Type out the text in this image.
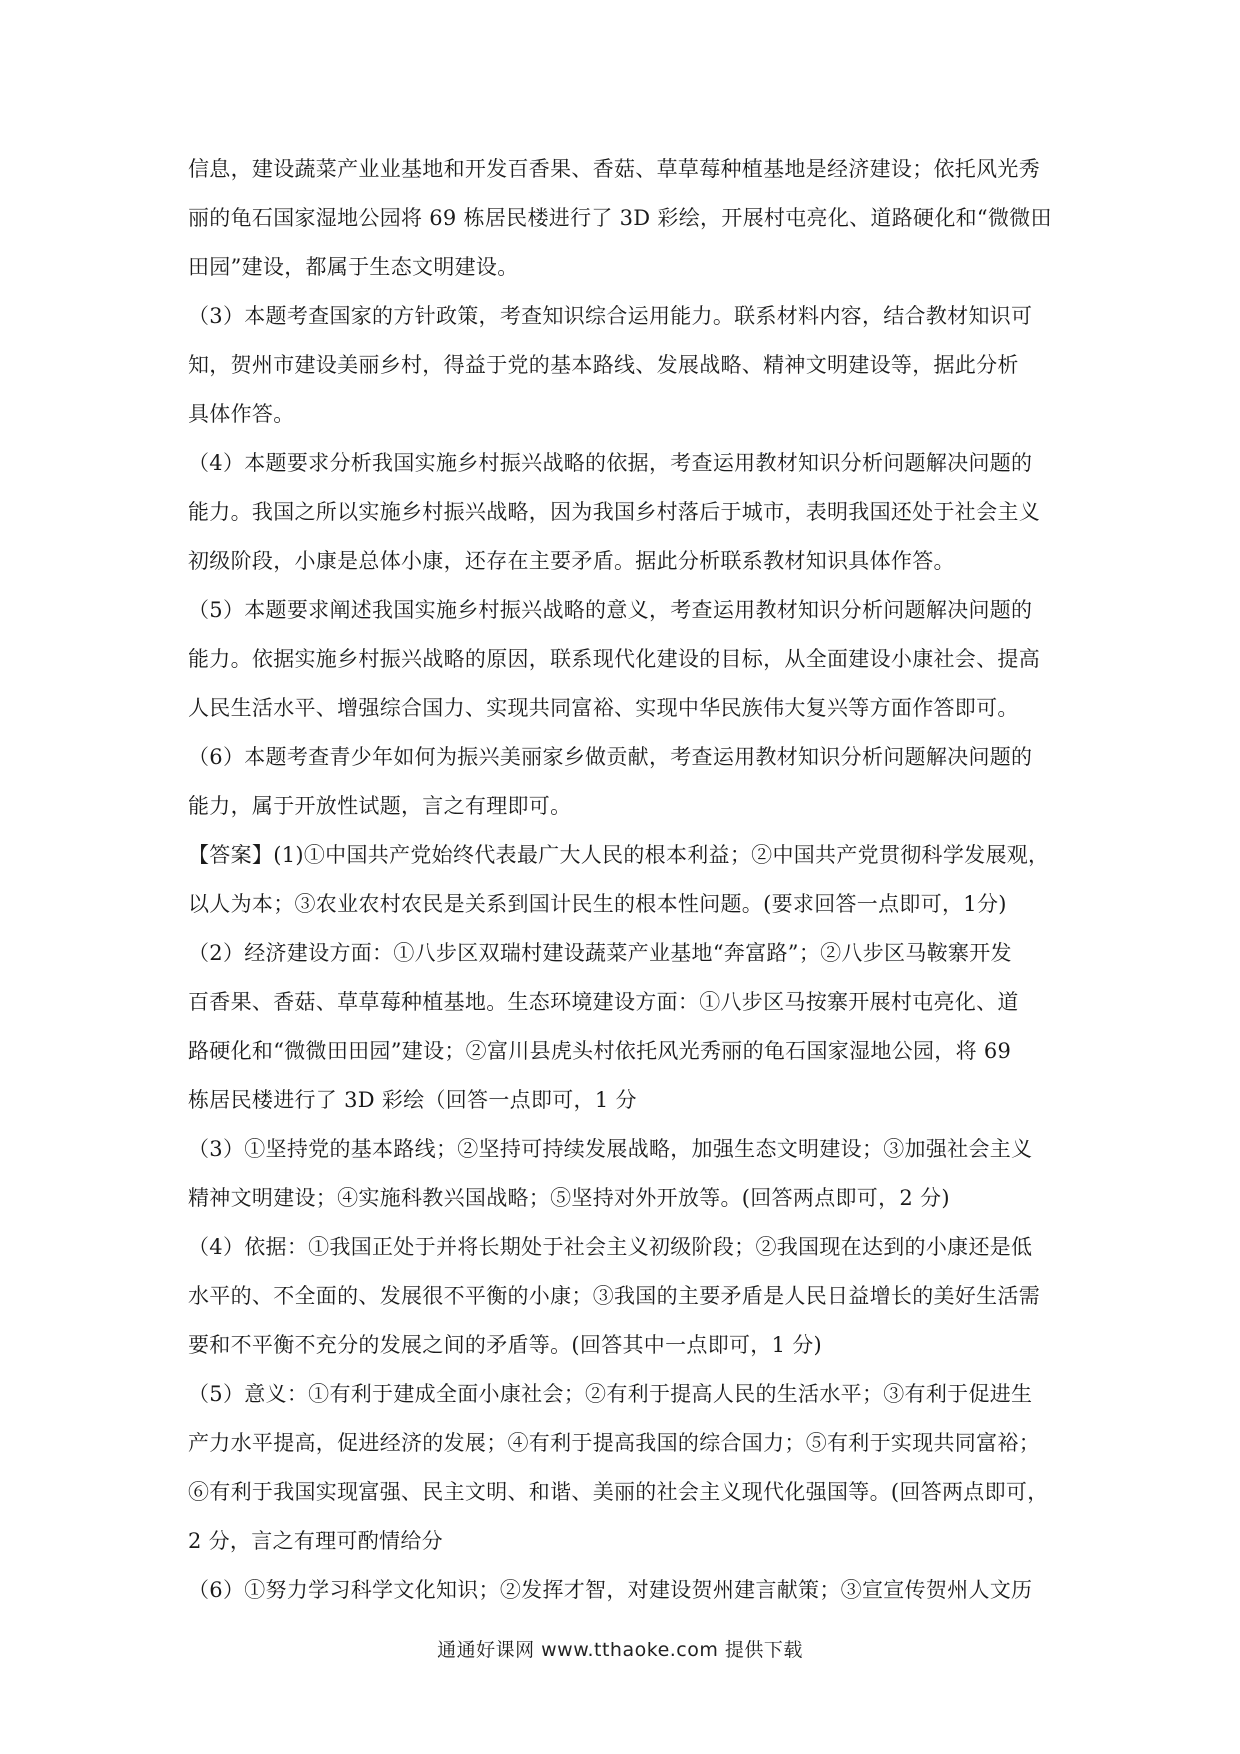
信息，建设蔬菜产业业基地和开发百香果、香菇、草草莓种植基地是经济建设；依托风光秀
丽的龟石国家湿地公园将 69 栋居民楼进行了 3D 彩绘，开展村屯亮化、道路硬化和“微微田
田园”建设，都属于生态文明建设。
（3）本题考查国家的方针政策，考查知识综合运用能力。联系材料内容，结合教材知识可
知，贺州市建设美丽乡村，得益于党的基本路线、发展战略、精神文明建设等，据此分析
具体作答。
（4）本题要求分析我国实施乡村振兴战略的依据，考查运用教材知识分析问题解决问题的
能力。我国之所以实施乡村振兴战略，因为我国乡村落后于城市，表明我国还处于社会主义
初级阶段，小康是总体小康，还存在主要矛盾。据此分析联系教材知识具体作答。
（5）本题要求阐述我国实施乡村振兴战略的意义，考查运用教材知识分析问题解决问题的
能力。依据实施乡村振兴战略的原因，联系现代化建设的目标，从全面建设小康社会、提高
人民生活水平、增强综合国力、实现共同富裕、实现中华民族伟大复兴等方面作答即可。
（6）本题考查青少年如何为振兴美丽家乡做贡献，考查运用教材知识分析问题解决问题的
能力，属于开放性试题，言之有理即可。
【答案】(1)①中国共产党始终代表最广大人民的根本利益；②中国共产党贯彻科学发展观，
以人为本；③农业农村农民是关系到国计民生的根本性问题。(要求回答一点即可，1分)
（2）经济建设方面：①八步区双瑞村建设蔬菜产业基地“奔富路”；②八步区马鞍寨开发
百香果、香菇、草草莓种植基地。生态环境建设方面：①八步区马按寨开展村屯亮化、道
路硬化和“微微田田园”建设；②富川县虎头村依托风光秀丽的龟石国家湿地公园，将 69
栋居民楼进行了 3D 彩绘（回答一点即可，1 分
（3）①坚持党的基本路线；②坚持可持续发展战略，加强生态文明建设；③加强社会主义
精神文明建设；④实施科教兴国战略；⑤坚持对外开放等。(回答两点即可，2 分)
（4）依据：①我国正处于并将长期处于社会主义初级阶段；②我国现在达到的小康还是低
水平的、不全面的、发展很不平衡的小康；③我国的主要矛盾是人民日益增长的美好生活需
要和不平衡不充分的发展之间的矛盾等。(回答其中一点即可，1 分)
（5）意义：①有利于建成全面小康社会；②有利于提高人民的生活水平；③有利于促进生
产力水平提高，促进经济的发展；④有利于提高我国的综合国力；⑤有利于实现共同富裕；
⑥有利于我国实现富强、民主文明、和谐、美丽的社会主义现代化强国等。(回答两点即可，
2 分，言之有理可酌情给分
（6）①努力学习科学文化知识；②发挥才智，对建设贺州建言献策；③宣宣传贺州人文历
通通好课网 www.tthaoke.com 提供下载
